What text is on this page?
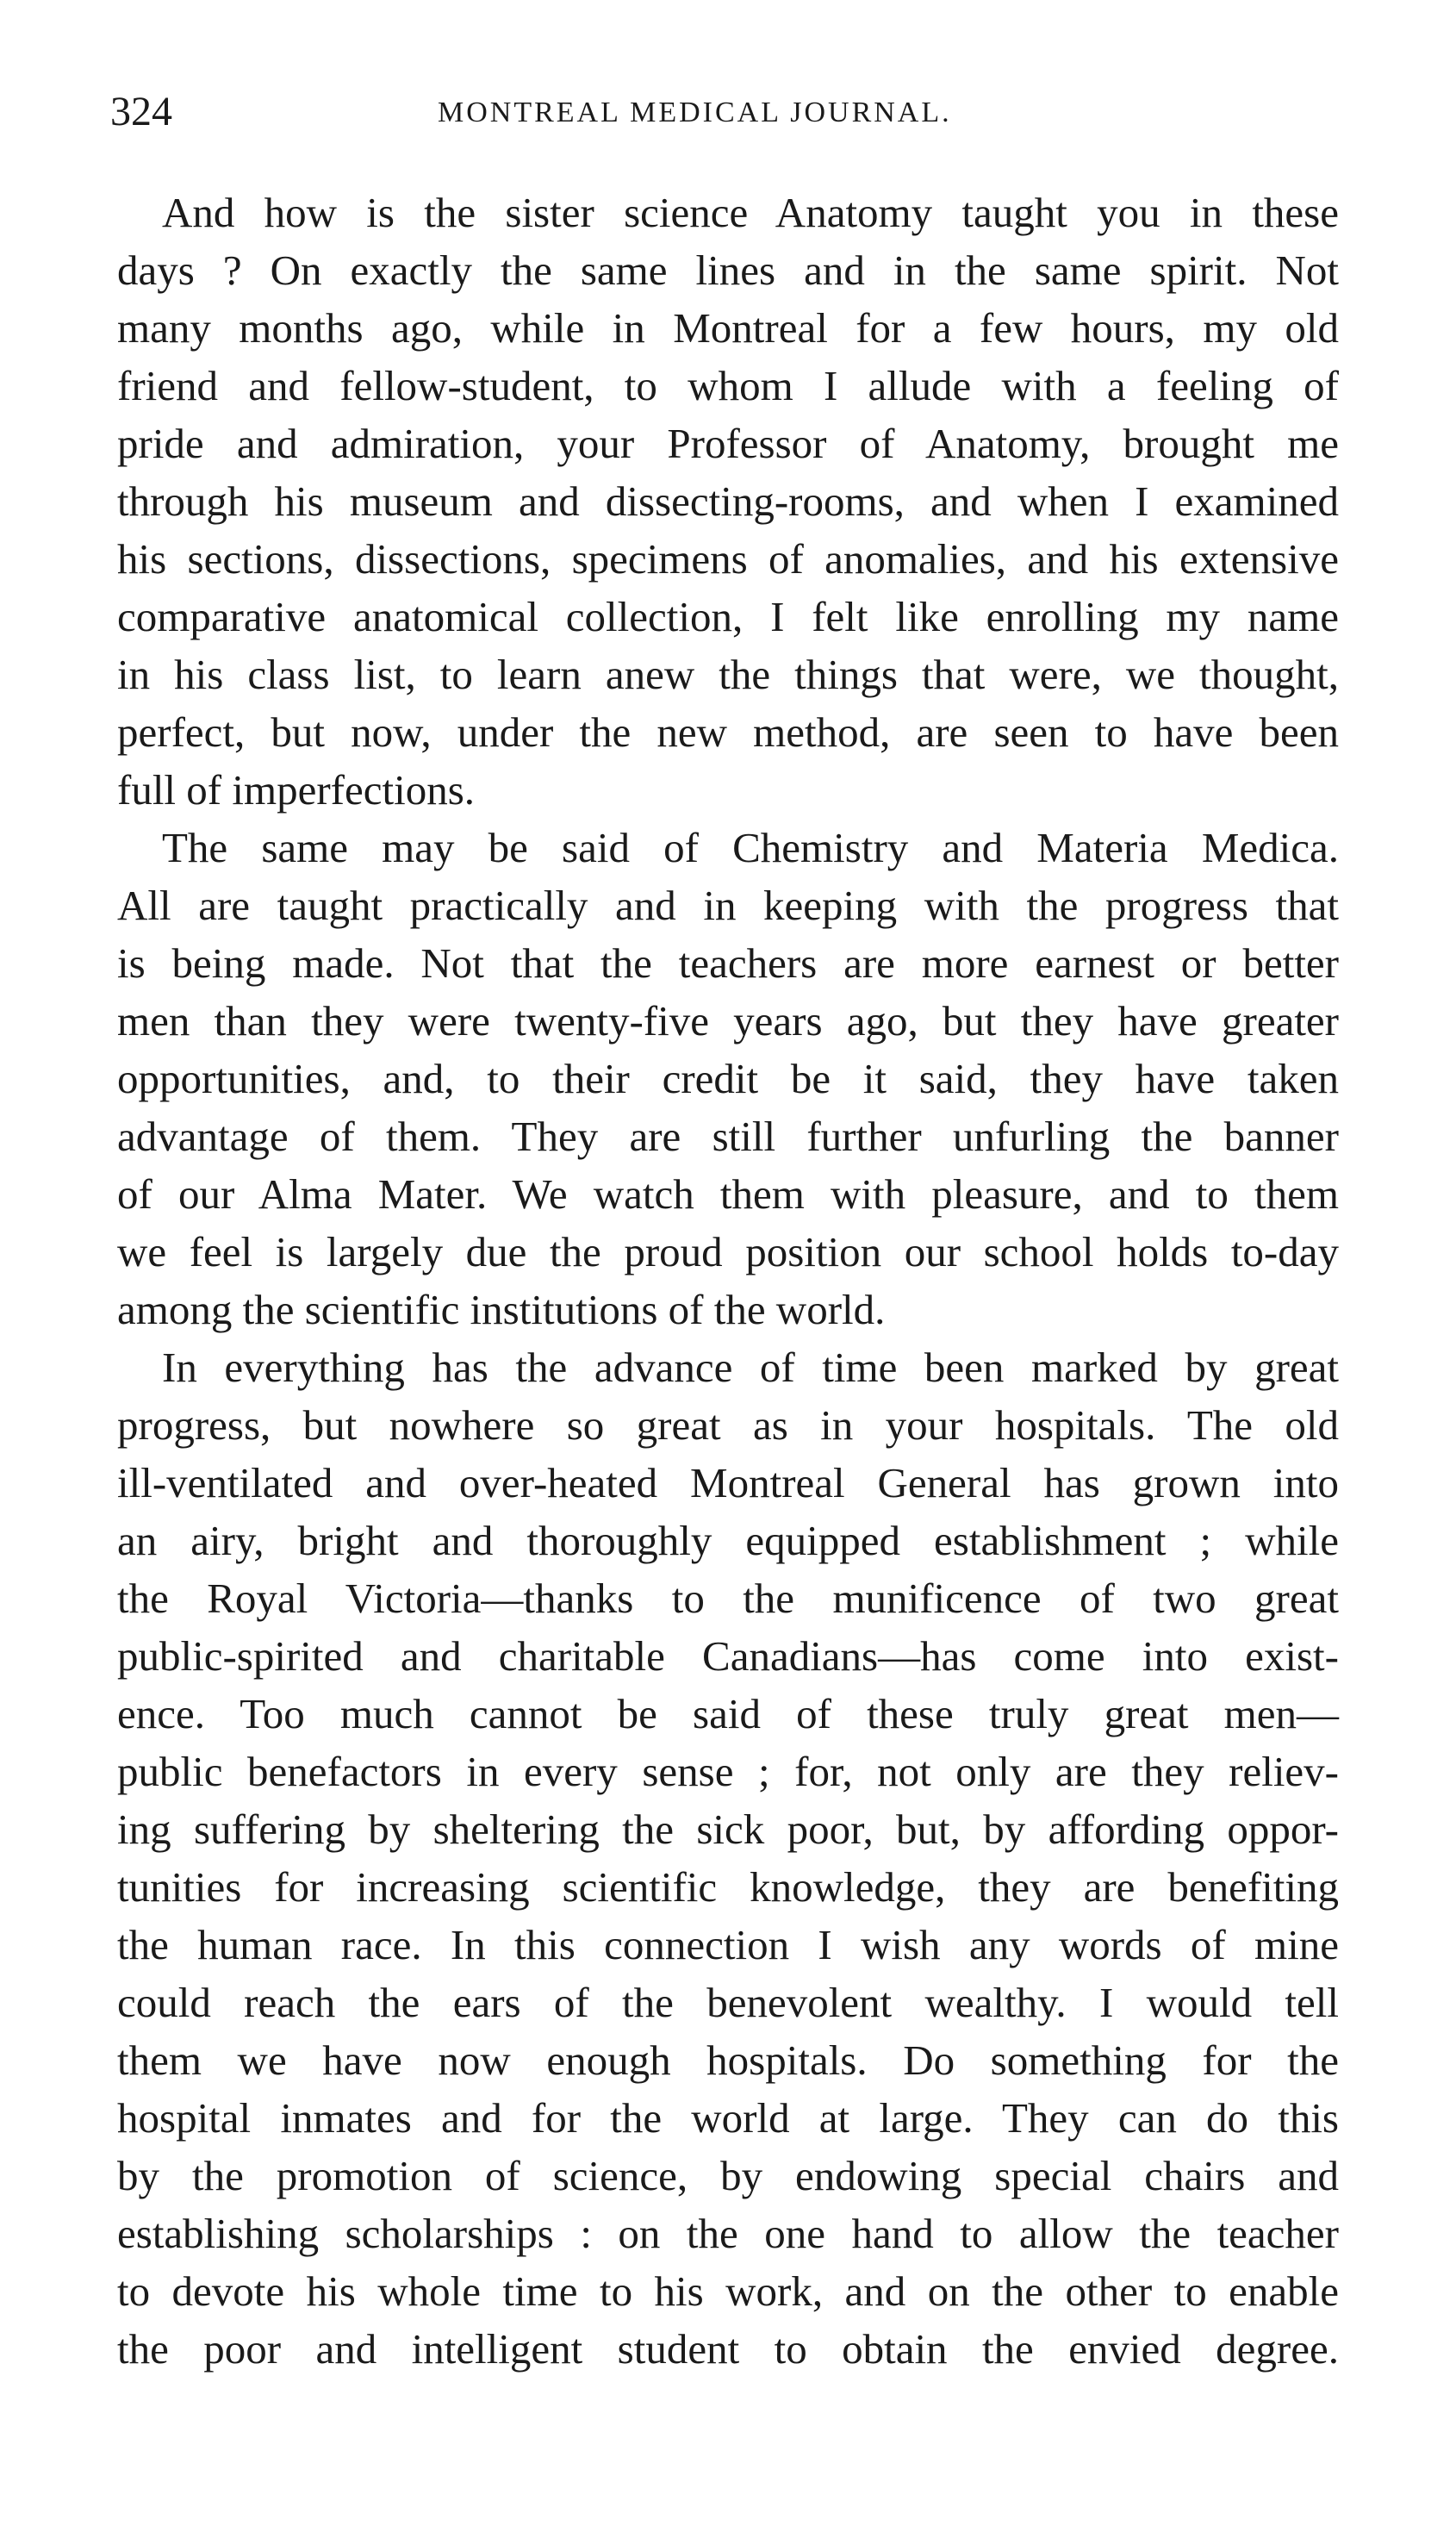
324	MONTREAL MEDICAL JOURNAL.
And how is the sister science Anatomy taught you in these
days ? On exactly the same lines and in the same spirit. Not
many months ago, while in Montreal for a few hours, my old
friend and fellow-student, to whom I allude with a feeling of
pride and admiration, your Professor of Anatomy, brought me
through his museum and dissecting-rooms, and when I examined
his sections, dissections, specimens of anomalies, and his extensive
comparative anatomical collection, I felt like enrolling my name
in his class list, to learn anew the things that were, we thought,
perfect, but now, under the new method, are seen to have been
full of imperfections.
The same may be said of Chemistry and Materia Medica.
All are taught practically and in keeping with the progress that
is being made. Not that the teachers are more earnest or better
men than they were twenty-five years ago, but they have greater
opportunities, and, to their credit be it said, they have taken
advantage of them. They are still further unfurling the banner
of our Alma Mater. We watch them with pleasure, and to them
we feel is largely due the proud position our school holds to-day
among the scientific institutions of the world.
In everything has the advance of time been marked by great
progress, but nowhere so great as in your hospitals. The old
ill-ventilated and over-heated Montreal General has grown into
an airy, bright and thoroughly equipped establishment ; while
the Royal Victoria—thanks to the munificence of two great
public-spirited and charitable Canadians—has come into exist-
ence. Too much cannot be said of these truly great men—
public benefactors in every sense ; for, not only are they reliev-
ing suffering by sheltering the sick poor, but, by affording oppor-
tunities for increasing scientific knowledge, they are benefiting
the human race. In this connection I wish any words of mine
could reach the ears of the benevolent wealthy. I would tell
them we have now enough hospitals. Do something for the
hospital inmates and for the world at large. They can do this
by the promotion of science, by endowing special chairs and
establishing scholarships : on the one hand to allow the teacher
to devote his whole time to his work, and on the other to enable
the poor and intelligent student to obtain the envied degree.
